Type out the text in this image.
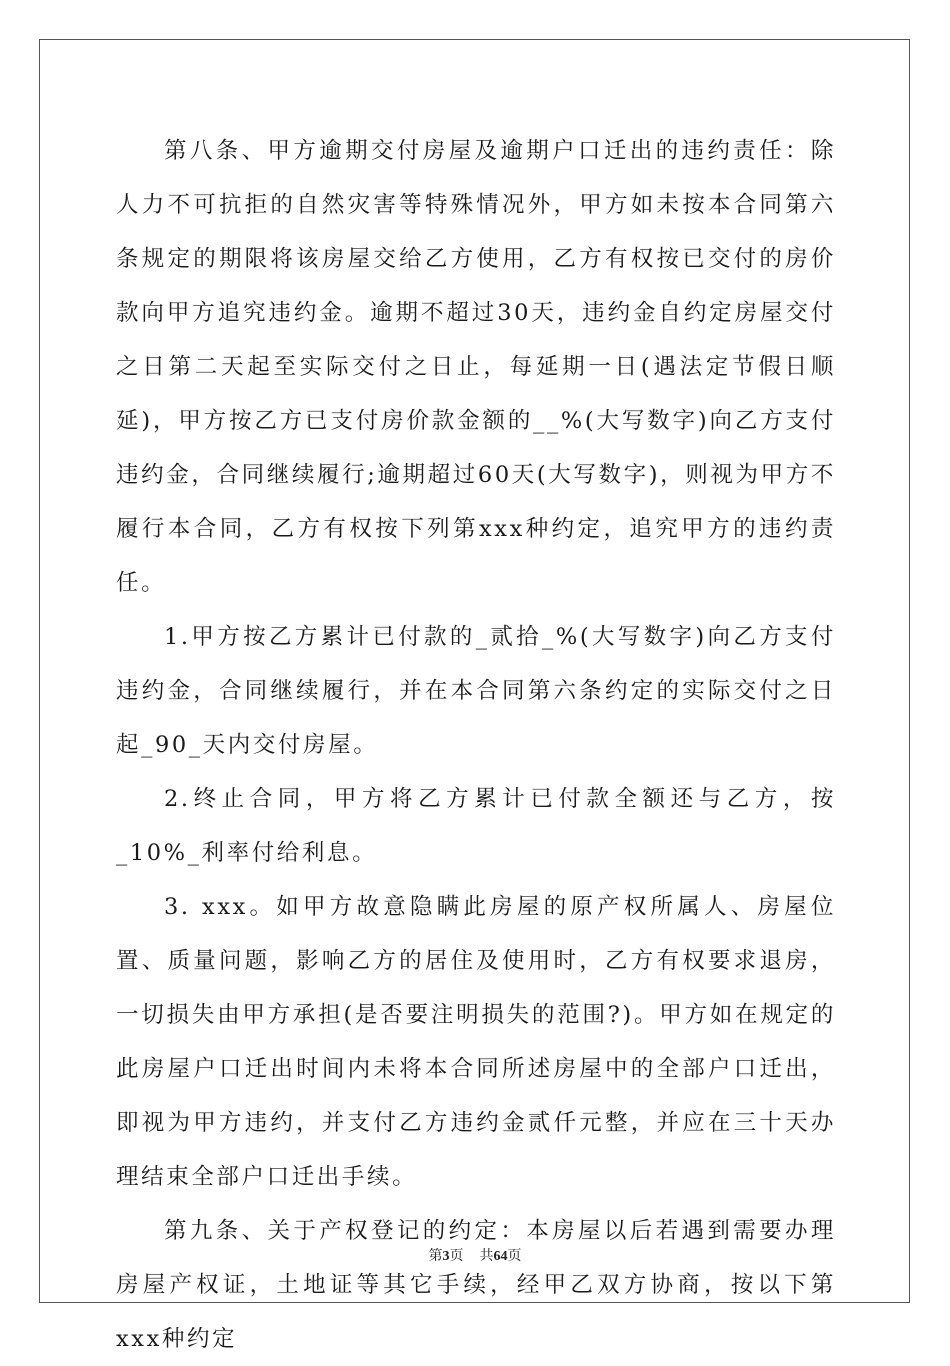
第八条、甲方逾期交付房屋及逾期户口迁出的违约责任：除人力不可抗拒的自然灾害等特殊情况外，甲方如未按本合同第六条规定的期限将该房屋交给乙方使用，乙方有权按已交付的房价款向甲方追究违约金。逾期不超过30天，违约金自约定房屋交付之日第二天起至实际交付之日止，每延期一日(遇法定节假日顺延)，甲方按乙方已支付房价款金额的__%(大写数字)向乙方支付违约金，合同继续履行;逾期超过60天(大写数字)，则视为甲方不履行本合同，乙方有权按下列第xxx种约定，追究甲方的违约责任。

1.甲方按乙方累计已付款的_贰拾_%(大写数字)向乙方支付违约金，合同继续履行，并在本合同第六条约定的实际交付之日起_90_天内交付房屋。

2.终止合同，甲方将乙方累计已付款全额还与乙方，按_10%_利率付给利息。

3. xxx。如甲方故意隐瞒此房屋的原产权所属人、房屋位置、质量问题，影响乙方的居住及使用时，乙方有权要求退房，一切损失由甲方承担(是否要注明损失的范围?)。甲方如在规定的此房屋户口迁出时间内未将本合同所述房屋中的全部户口迁出，即视为甲方违约，并支付乙方违约金贰仟元整，并应在三十天办理结束全部户口迁出手续。

第九条、关于产权登记的约定：本房屋以后若遇到需要办理房屋产权证，土地证等其它手续，经甲乙双方协商，按以下第xxx种约定

第3页 共64页
